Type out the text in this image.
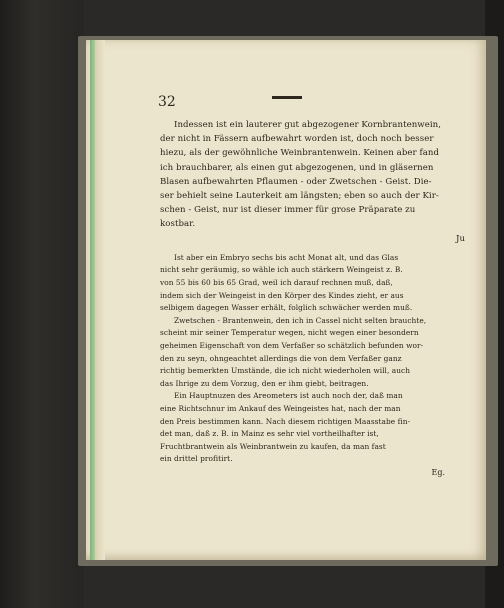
32
Indessen ist ein lauterer gut abgezogener Kornbrantenwein,
der nicht in Fässern aufbewahrt worden ist, doch noch besser
hiezu, als der gewöhnliche Weinbrantenwein. Keinen aber fand
ich brauchbarer, als einen gut abgezogenen, und in gläsernen
Blasen aufbewahrten Pflaumen - oder Zwetschen - Geist. Die-
ser behielt seine Lauterkeit am längsten; eben so auch der Kir-
schen - Geist, nur ist dieser immer für grose Präparate zu
kostbar.
Ju
Ist aber ein Embryo sechs bis acht Monat alt, und das Glas
nicht sehr geräumig, so wähle ich auch stärkern Weingeist z. B.
von 55 bis 60 bis 65 Grad, weil ich darauf rechnen muß, daß,
indem sich der Weingeist in den Körper des Kindes zieht, er aus
selbigem dagegen Wasser erhält, folglich schwächer werden muß.
Zwetschen - Brantenwein, den ich in Cassel nicht selten brauchte,
scheint mir seiner Temperatur wegen, nicht wegen einer besondern
geheimen Eigenschaft von dem Verfaßer so schätzlich befunden wor-
den zu seyn, ohngeachtet allerdings die von dem Verfaßer ganz
richtig bemerkten Umstände, die ich nicht wiederholen will, auch
das Ihrige zu dem Vorzug, den er ihm giebt, beitragen.
Ein Hauptnuzen des Areometers ist auch noch der, daß man
eine Richtschnur im Ankauf des Weingeistes hat, nach der man
den Preis bestimmen kann. Nach diesem richtigen Maasstabe fin-
det man, daß z. B. in Mainz es sehr viel vortheilhafter ist,
Fruchtbrantwein als Weinbrantwein zu kaufen, da man fast
ein drittel profitirt.
Eg.
